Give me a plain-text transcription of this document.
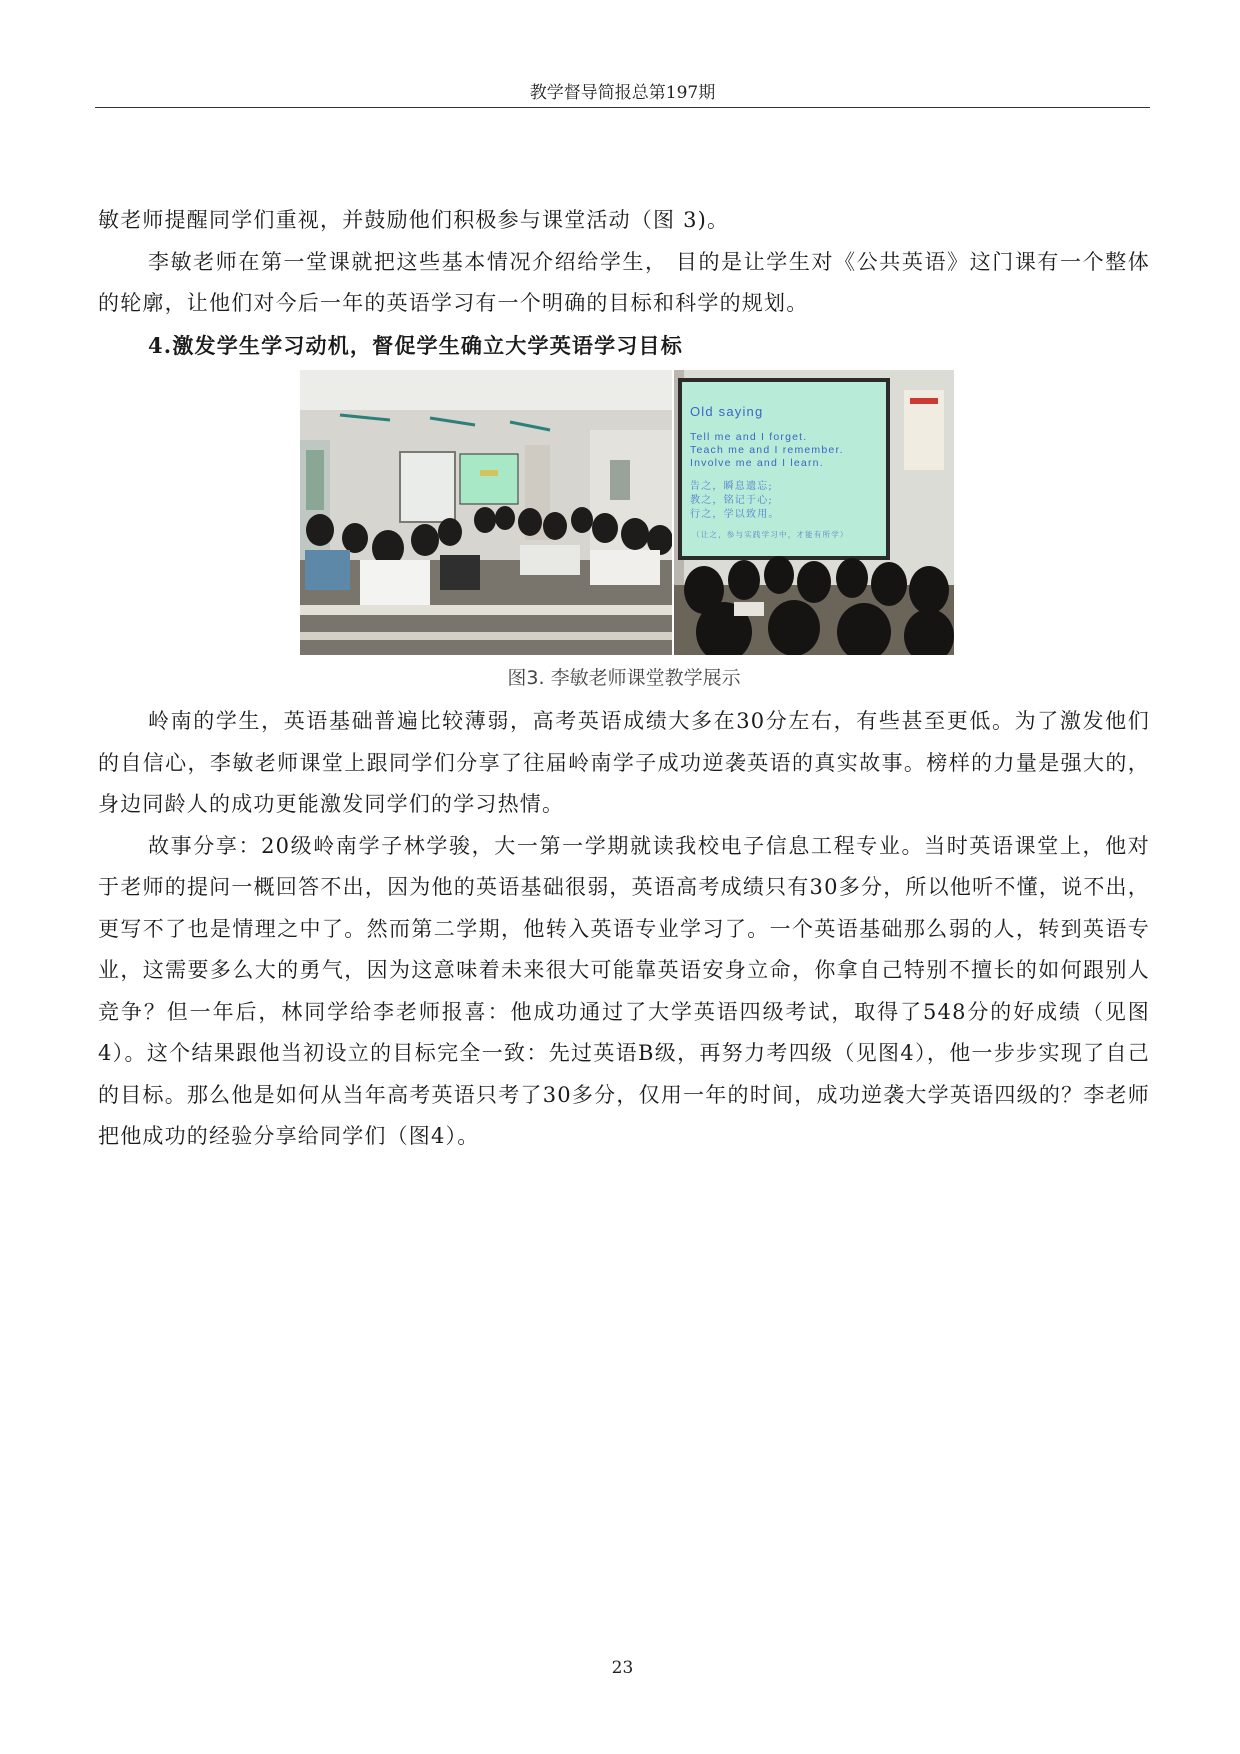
教学督导简报总第197期

敏老师提醒同学们重视，并鼓励他们积极参与课堂活动（图 3)。

李敏老师在第一堂课就把这些基本情况介绍给学生， 目的是让学生对《公共英语》这门课有一个整体的轮廓，让他们对今后一年的英语学习有一个明确的目标和科学的规划。

4.激发学生学习动机，督促学生确立大学英语学习目标

Old saying
Tell me and I forget.
Teach me and I remember.
Involve me and I learn.
告之，瞬息遗忘;
教之，铭记于心;
行之，学以致用。
（让之，参与实践学习中，才能有所学）
图3. 李敏老师课堂教学展示

岭南的学生，英语基础普遍比较薄弱，高考英语成绩大多在30分左右，有些甚至更低。为了激发他们的自信心，李敏老师课堂上跟同学们分享了往届岭南学子成功逆袭英语的真实故事。榜样的力量是强大的，身边同龄人的成功更能激发同学们的学习热情。

故事分享：20级岭南学子林学骏，大一第一学期就读我校电子信息工程专业。当时英语课堂上，他对于老师的提问一概回答不出，因为他的英语基础很弱，英语高考成绩只有30多分，所以他听不懂，说不出，更写不了也是情理之中了。然而第二学期，他转入英语专业学习了。一个英语基础那么弱的人，转到英语专业，这需要多么大的勇气，因为这意味着未来很大可能靠英语安身立命，你拿自己特别不擅长的如何跟别人竞争？但一年后，林同学给李老师报喜：他成功通过了大学英语四级考试，取得了548分的好成绩（见图4）。这个结果跟他当初设立的目标完全一致：先过英语B级，再努力考四级（见图4），他一步步实现了自己的目标。那么他是如何从当年高考英语只考了30多分，仅用一年的时间，成功逆袭大学英语四级的？李老师把他成功的经验分享给同学们（图4）。

23
